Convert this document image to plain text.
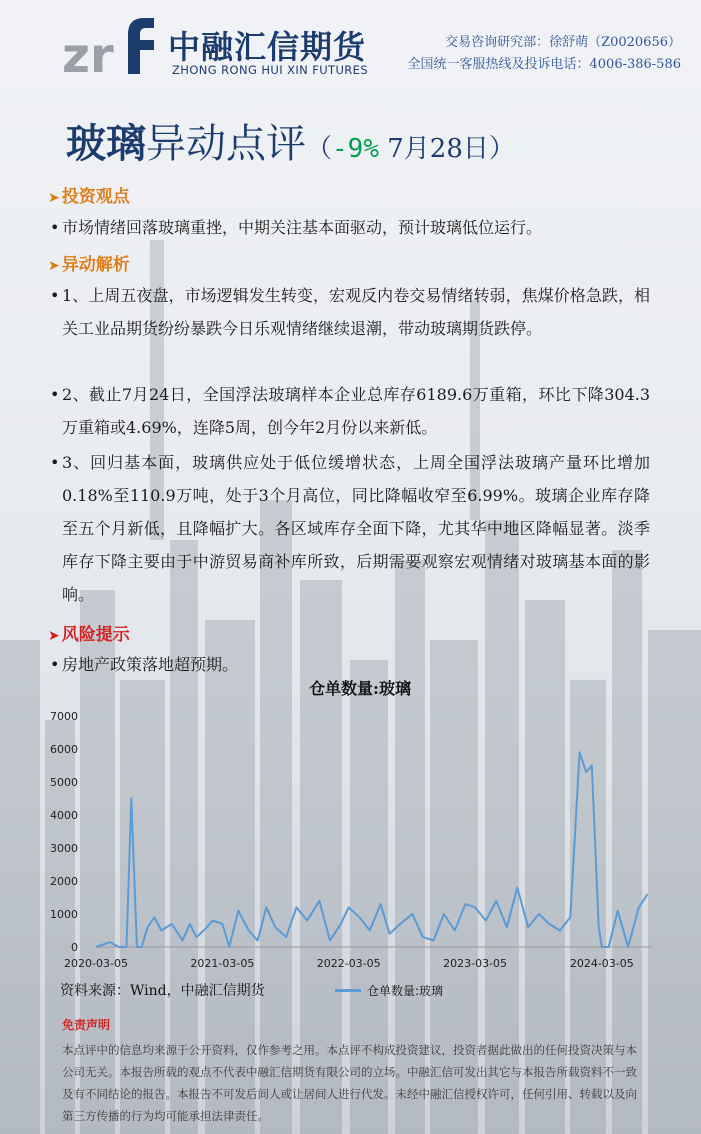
zr 中融汇信期货
ZHONG RONG HUI XIN FUTURES
交易咨询研究部：徐舒萌（Z0020656）
全国统一客服热线及投诉电话：4006-386-586
玻璃异动点评（-9% 7月28日）
➤ 投资观点
• 市场情绪回落玻璃重挫，中期关注基本面驱动，预计玻璃低位运行。
➤ 异动解析
• 1、上周五夜盘，市场逻辑发生转变，宏观反内卷交易情绪转弱，焦煤价格急跌，相关工业品期货纷纷暴跌今日乐观情绪继续退潮，带动玻璃期货跌停。
• 2、截止7月24日，全国浮法玻璃样本企业总库存6189.6万重箱，环比下降304.3万重箱或4.69%，连降5周，创今年2月份以来新低。
• 3、回归基本面，玻璃供应处于低位缓增状态，上周全国浮法玻璃产量环比增加0.18%至110.9万吨，处于3个月高位，同比降幅收窄至6.99%。玻璃企业库存降至五个月新低，且降幅扩大。各区域库存全面下降，尤其华中地区降幅显著。淡季库存下降主要由于中游贸易商补库所致，后期需要观察宏观情绪对玻璃基本面的影响。
➤ 风险提示
• 房地产政策落地超预期。
仓单数量:玻璃
0
1000
2000
3000
4000
5000
6000
7000
2020-03-05	2021-03-05	2022-03-05	2023-03-05	2024-03-05
资料来源：Wind，中融汇信期货	仓单数量:玻璃
免责声明
本点评中的信息均来源于公开资料，仅作参考之用。本点评不构成投资建议，投资者据此做出的任何投资决策与本公司无关。本报告所载的观点不代表中融汇信期货有限公司的立场。中融汇信可发出其它与本报告所载资料不一致及有不同结论的报告。本报告不可发后间人或让居间人进行代发。未经中融汇信授权许可，任何引用、转载以及向第三方传播的行为均可能承担法律责任。
